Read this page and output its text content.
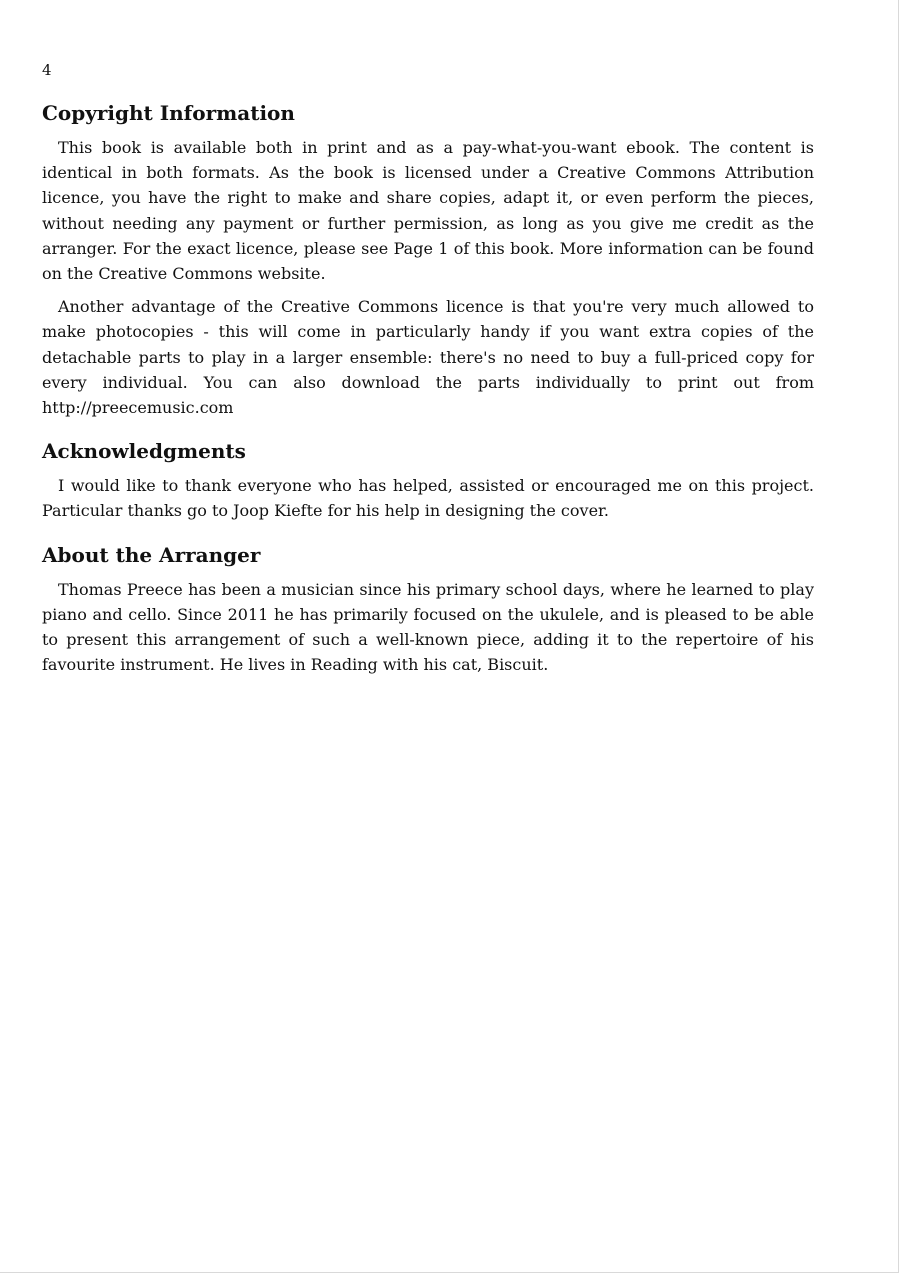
4
Copyright Information

This book is available both in print and as a pay-what-you-want ebook. The content is identical in both formats. As the book is licensed under a Creative Commons Attribution licence, you have the right to make and share copies, adapt it, or even perform the pieces, without needing any payment or further permission, as long as you give me credit as the arranger. For the exact licence, please see Page 1 of this book. More information can be found on the Creative Commons website.

Another advantage of the Creative Commons licence is that you're very much allowed to make photocopies - this will come in particularly handy if you want extra copies of the detachable parts to play in a larger ensemble: there's no need to buy a full-priced copy for every individual. You can also download the parts individually to print out from http://preecemusic.com

Acknowledgments

I would like to thank everyone who has helped, assisted or encouraged me on this project. Particular thanks go to Joop Kiefte for his help in designing the cover.

About the Arranger

Thomas Preece has been a musician since his primary school days, where he learned to play piano and cello. Since 2011 he has primarily focused on the ukulele, and is pleased to be able to present this arrangement of such a well-known piece, adding it to the repertoire of his favourite instrument. He lives in Reading with his cat, Biscuit.
